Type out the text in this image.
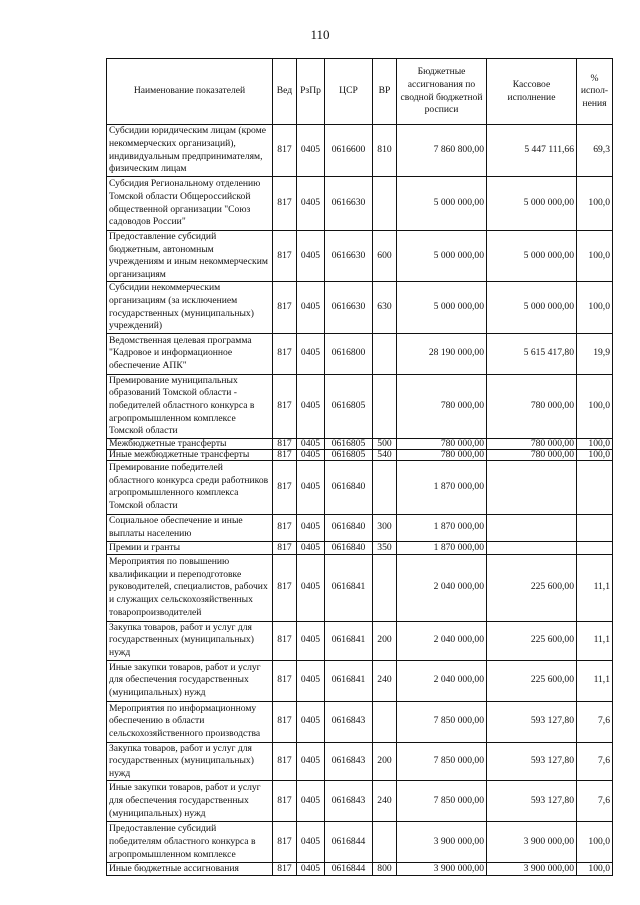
110
Наименование показателей	Вед	РзПр	ЦСР	ВР	Бюджетные ассигнования по сводной бюджетной росписи	Кассовое исполнение	% испол-нения
Субсидии юридическим лицам (кроме некоммерческих организаций), индивидуальным предпринимателям, физическим лицам	817	0405	0616600	810	7 860 800,00	5 447 111,66	69,3
Субсидия Региональному отделению Томской области Общероссийской общественной организации "Союз садоводов России"	817	0405	0616630		5 000 000,00	5 000 000,00	100,0
Предоставление субсидий бюджетным, автономным учреждениям и иным некоммерческим организациям	817	0405	0616630	600	5 000 000,00	5 000 000,00	100,0
Субсидии некоммерческим организациям (за исключением государственных (муниципальных) учреждений)	817	0405	0616630	630	5 000 000,00	5 000 000,00	100,0
Ведомственная целевая программа "Кадровое и информационное обеспечение АПК"	817	0405	0616800		28 190 000,00	5 615 417,80	19,9
Премирование муниципальных образований Томской области - победителей областного конкурса в агропромышленном комплексе Томской области	817	0405	0616805		780 000,00	780 000,00	100,0
Межбюджетные трансферты	817	0405	0616805	500	780 000,00	780 000,00	100,0
Иные межбюджетные трансферты	817	0405	0616805	540	780 000,00	780 000,00	100,0
Премирование победителей областного конкурса среди работников агропромышленного комплекса Томской области	817	0405	0616840		1 870 000,00		
Социальное обеспечение и иные выплаты населению	817	0405	0616840	300	1 870 000,00		
Премии и гранты	817	0405	0616840	350	1 870 000,00		
Мероприятия по повышению квалификации и переподготовке руководителей, специалистов, рабочих и служащих сельскохозяйственных товаропроизводителей	817	0405	0616841		2 040 000,00	225 600,00	11,1
Закупка товаров, работ и услуг для государственных (муниципальных) нужд	817	0405	0616841	200	2 040 000,00	225 600,00	11,1
Иные закупки товаров, работ и услуг для обеспечения государственных (муниципальных) нужд	817	0405	0616841	240	2 040 000,00	225 600,00	11,1
Мероприятия по информационному обеспечению в области сельскохозяйственного производства	817	0405	0616843		7 850 000,00	593 127,80	7,6
Закупка товаров, работ и услуг для государственных (муниципальных) нужд	817	0405	0616843	200	7 850 000,00	593 127,80	7,6
Иные закупки товаров, работ и услуг для обеспечения государственных (муниципальных) нужд	817	0405	0616843	240	7 850 000,00	593 127,80	7,6
Предоставление субсидий победителям областного конкурса в агропромышленном комплексе	817	0405	0616844		3 900 000,00	3 900 000,00	100,0
Иные бюджетные ассигнования	817	0405	0616844	800	3 900 000,00	3 900 000,00	100,0
